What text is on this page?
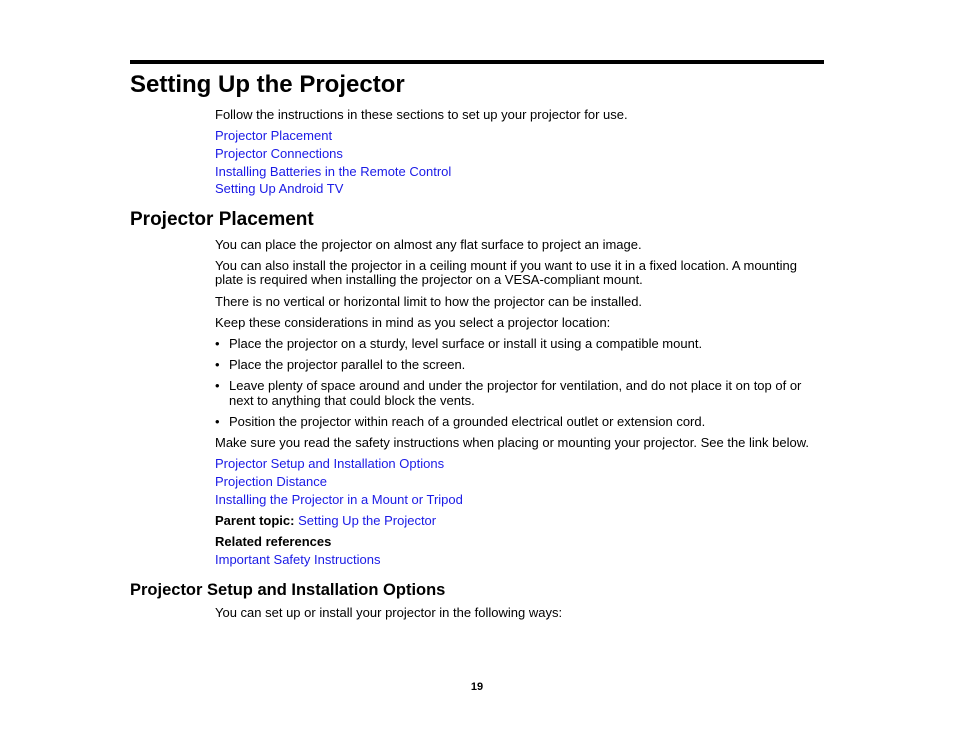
Setting Up the Projector

Follow the instructions in these sections to set up your projector for use.

Projector Placement
Projector Connections
Installing Batteries in the Remote Control
Setting Up Android TV
Projector Placement

You can place the projector on almost any flat surface to project an image.

You can also install the projector in a ceiling mount if you want to use it in a fixed location. A mounting

plate is required when installing the projector on a VESA-compliant mount.

There is no vertical or horizontal limit to how the projector can be installed.

Keep these considerations in mind as you select a projector location:

• Place the projector on a sturdy, level surface or install it using a compatible mount.

• Place the projector parallel to the screen.

• Leave plenty of space around and under the projector for ventilation, and do not place it on top of or

next to anything that could block the vents.

• Position the projector within reach of a grounded electrical outlet or extension cord.

Make sure you read the safety instructions when placing or mounting your projector. See the link below.

Projector Setup and Installation Options
Projection Distance
Installing the Projector in a Mount or Tripod

Parent topic: Setting Up the Projector

Related references

Important Safety Instructions
Projector Setup and Installation Options

You can set up or install your projector in the following ways:

19
